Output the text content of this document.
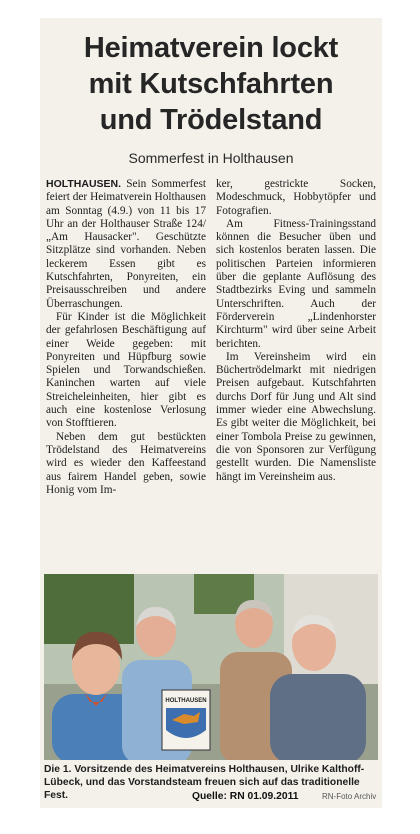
Heimatverein lockt
mit Kutschfahrten
und Trödelstand
Sommerfest in Holthausen

HOLTHAUSEN. Sein Sommerfest feiert der Heimatverein Holthausen am Sonntag (4.9.) von 11 bis 17 Uhr an der Holthauser Straße 124/ „Am Hausacker". Geschützte Sitzplätze sind vorhanden. Neben leckerem Essen gibt es Kutschfahrten, Ponyreiten, ein Preisausschreiben und andere Überraschungen.

Für Kinder ist die Möglichkeit der gefahrlosen Beschäftigung auf einer Weide gegeben: mit Ponyreiten und Hüpfburg sowie Spielen und Torwandschießen. Kaninchen warten auf viele Streicheleinheiten, hier gibt es auch eine kostenlose Verlosung von Stofftieren.

Neben dem gut bestückten Trödelstand des Heimatvereins wird es wieder den Kaffeestand aus fairem Handel geben, sowie Honig vom Im-

ker, gestrickte Socken, Modeschmuck, Hobbytöpfer und Fotografien.

Am Fitness-Trainingsstand können die Besucher üben und sich kostenlos beraten lassen. Die politischen Parteien informieren über die geplante Auflösung des Stadtbezirks Eving und sammeln Unterschriften. Auch der Förderverein „Lindenhorster Kirchturm" wird über seine Arbeit berichten.

Im Vereinsheim wird ein Büchertrödelmarkt mit niedrigen Preisen aufgebaut. Kutschfahrten durchs Dorf für Jung und Alt sind immer wieder eine Abwechslung. Es gibt weiter die Möglichkeit, bei einer Tombola Preise zu gewinnen, die von Sponsoren zur Verfügung gestellt wurden. Die Namensliste hängt im Vereinsheim aus.

HOLTHAUSEN
Die 1. Vorsitzende des Heimatvereins Holthausen, Ulrike Kalthoff-Lübeck, und das Vorstandsteam freuen sich auf das traditionelle Fest.	Quelle: RN 01.09.2011	RN-Foto Archiv
